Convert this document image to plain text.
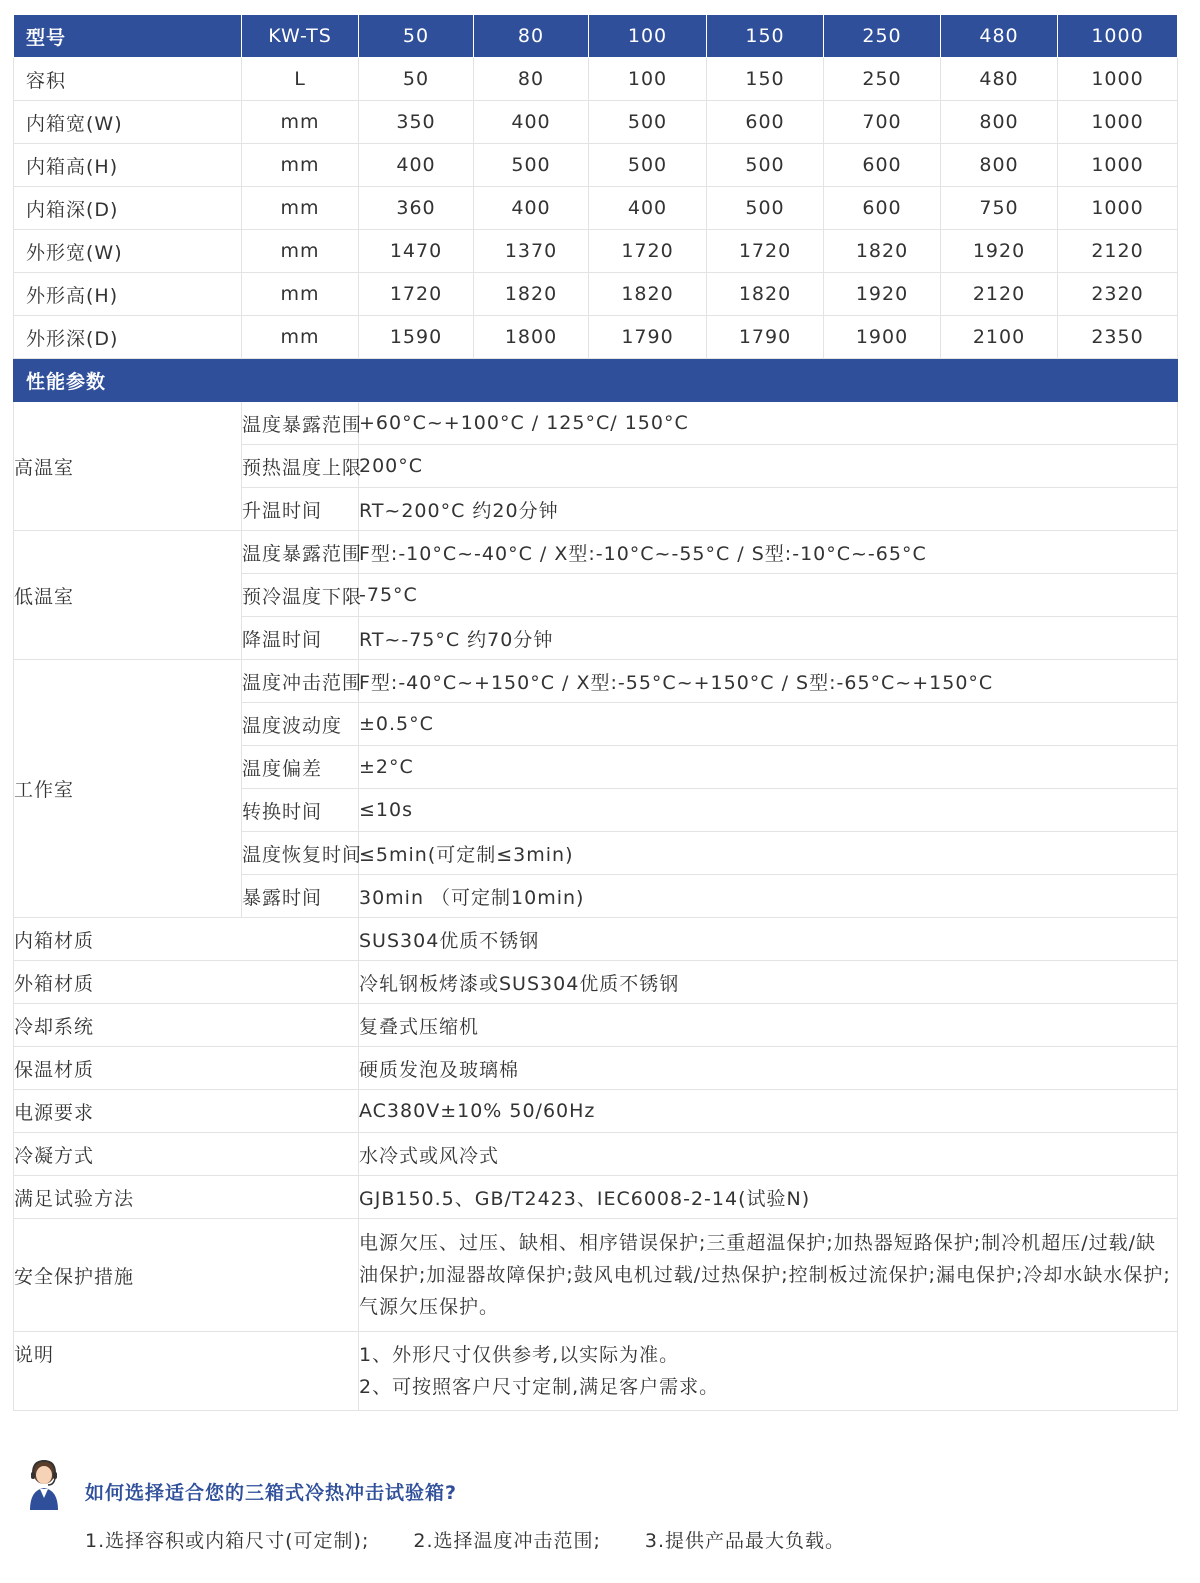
型号	KW-TS	50	80	100	150	250	480	1000
容积	L	50	80	100	150	250	480	1000
内箱宽(W)	mm	350	400	500	600	700	800	1000
内箱高(H)	mm	400	500	500	500	600	800	1000
内箱深(D)	mm	360	400	400	500	600	750	1000
外形宽(W)	mm	1470	1370	1720	1720	1820	1920	2120
外形高(H)	mm	1720	1820	1820	1820	1920	2120	2320
外形深(D)	mm	1590	1800	1790	1790	1900	2100	2350
性能参数								
高温室	温度暴露范围	+60°C~+100°C / 125°C/ 150°C						
	预热温度上限	200°C						
	升温时间	RT~200°C 约20分钟						
低温室	温度暴露范围	F型:-10°C~-40°C / X型:-10°C~-55°C / S型:-10°C~-65°C						
	预冷温度下限	-75°C						
	降温时间	RT~-75°C 约70分钟						
工作室	温度冲击范围	F型:-40°C~+150°C / X型:-55°C~+150°C / S型:-65°C~+150°C						
	温度波动度	±0.5°C						
	温度偏差	±2°C						
	转换时间	≤10s						
	温度恢复时间	≤5min(可定制≤3min)						
	暴露时间	30min （可定制10min)						
内箱材质		SUS304优质不锈钢						
外箱材质		冷轧钢板烤漆或SUS304优质不锈钢						
冷却系统		复叠式压缩机						
保温材质		硬质发泡及玻璃棉						
电源要求		AC380V±10% 50/60Hz						
冷凝方式		水冷式或风冷式						
满足试验方法		GJB150.5、GB/T2423、IEC6008-2-14(试验N)						
安全保护措施		电源欠压、过压、缺相、相序错误保护;三重超温保护;加热器短路保护;制冷机超压/过载/缺油保护;加湿器故障保护;鼓风电机过载/过热保护;控制板过流保护;漏电保护;冷却水缺水保护;气源欠压保护。						
说明		1、外形尺寸仅供参考,以实际为准。
2、可按照客户尺寸定制,满足客户需求。						
如何选择适合您的三箱式冷热冲击试验箱?
1.选择容积或内箱尺寸(可定制); 2.选择温度冲击范围; 3.提供产品最大负载。
